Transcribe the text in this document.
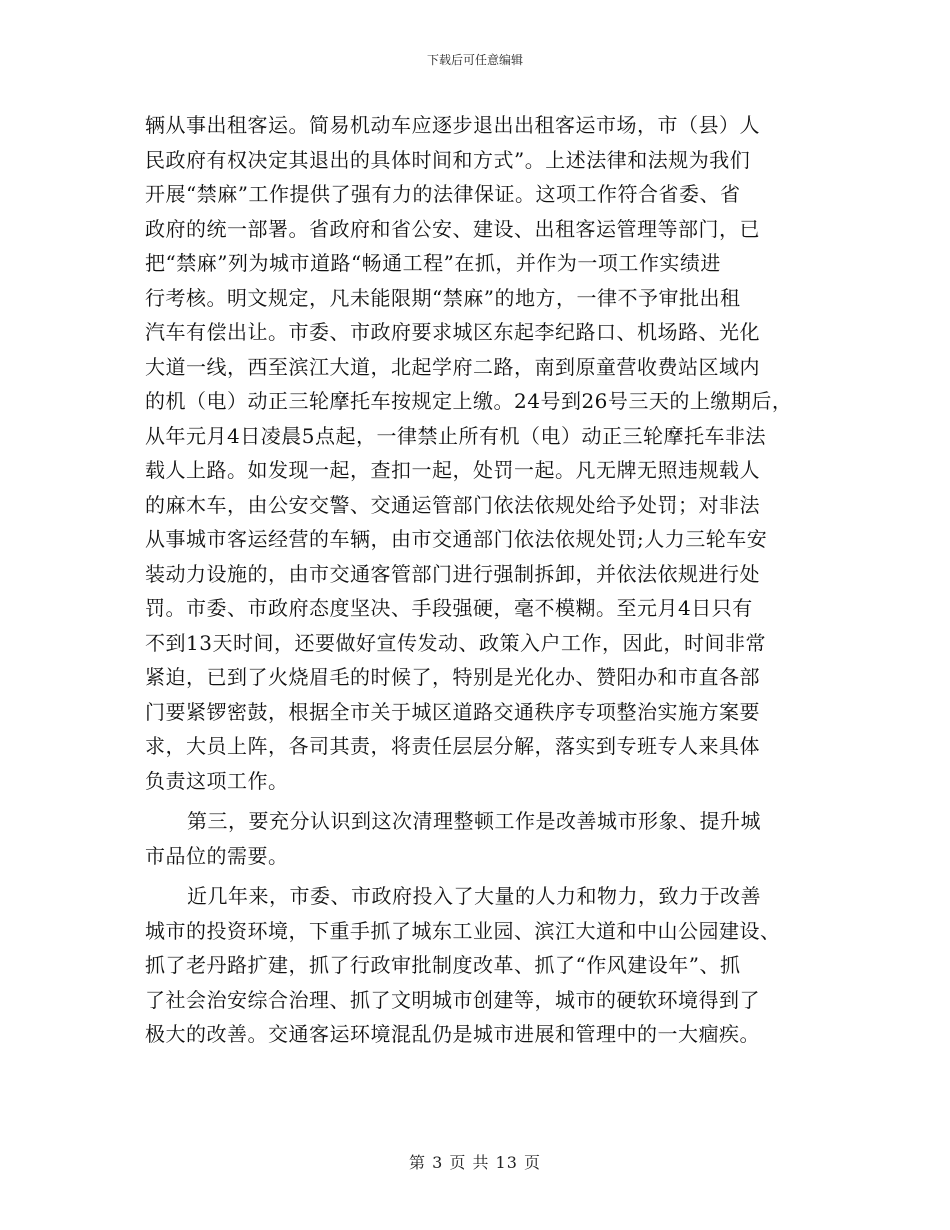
下载后可任意编辑
辆从事出租客运。简易机动车应逐步退出出租客运市场，市（县）人
民政府有权决定其退出的具体时间和方式”。上述法律和法规为我们
开展“禁麻”工作提供了强有力的法律保证。这项工作符合省委、省
政府的统一部署。省政府和省公安、建设、出租客运管理等部门，已
把“禁麻”列为城市道路“畅通工程”在抓，并作为一项工作实绩进
行考核。明文规定，凡未能限期“禁麻”的地方，一律不予审批出租
汽车有偿出让。市委、市政府要求城区东起李纪路口、机场路、光化
大道一线，西至滨江大道，北起学府二路，南到原童营收费站区域内
的机（电）动正三轮摩托车按规定上缴。24号到26号三天的上缴期后，
从年元月4日凌晨5点起，一律禁止所有机（电）动正三轮摩托车非法
载人上路。如发现一起，查扣一起，处罚一起。凡无牌无照违规载人
的麻木车，由公安交警、交通运管部门依法依规处给予处罚；对非法
从事城市客运经营的车辆，由市交通部门依法依规处罚;人力三轮车安
装动力设施的，由市交通客管部门进行强制拆卸，并依法依规进行处
罚。市委、市政府态度坚决、手段强硬，毫不模糊。至元月4日只有
不到13天时间，还要做好宣传发动、政策入户工作，因此，时间非常
紧迫，已到了火烧眉毛的时候了，特别是光化办、赞阳办和市直各部
门要紧锣密鼓，根据全市关于城区道路交通秩序专项整治实施方案要
求，大员上阵，各司其责，将责任层层分解，落实到专班专人来具体
负责这项工作。
第三，要充分认识到这次清理整顿工作是改善城市形象、提升城
市品位的需要。
近几年来，市委、市政府投入了大量的人力和物力，致力于改善
城市的投资环境，下重手抓了城东工业园、滨江大道和中山公园建设、
抓了老丹路扩建，抓了行政审批制度改革、抓了“作风建设年”、抓
了社会治安综合治理、抓了文明城市创建等，城市的硬软环境得到了
极大的改善。交通客运环境混乱仍是城市进展和管理中的一大痼疾。
第 3 页 共 13 页
